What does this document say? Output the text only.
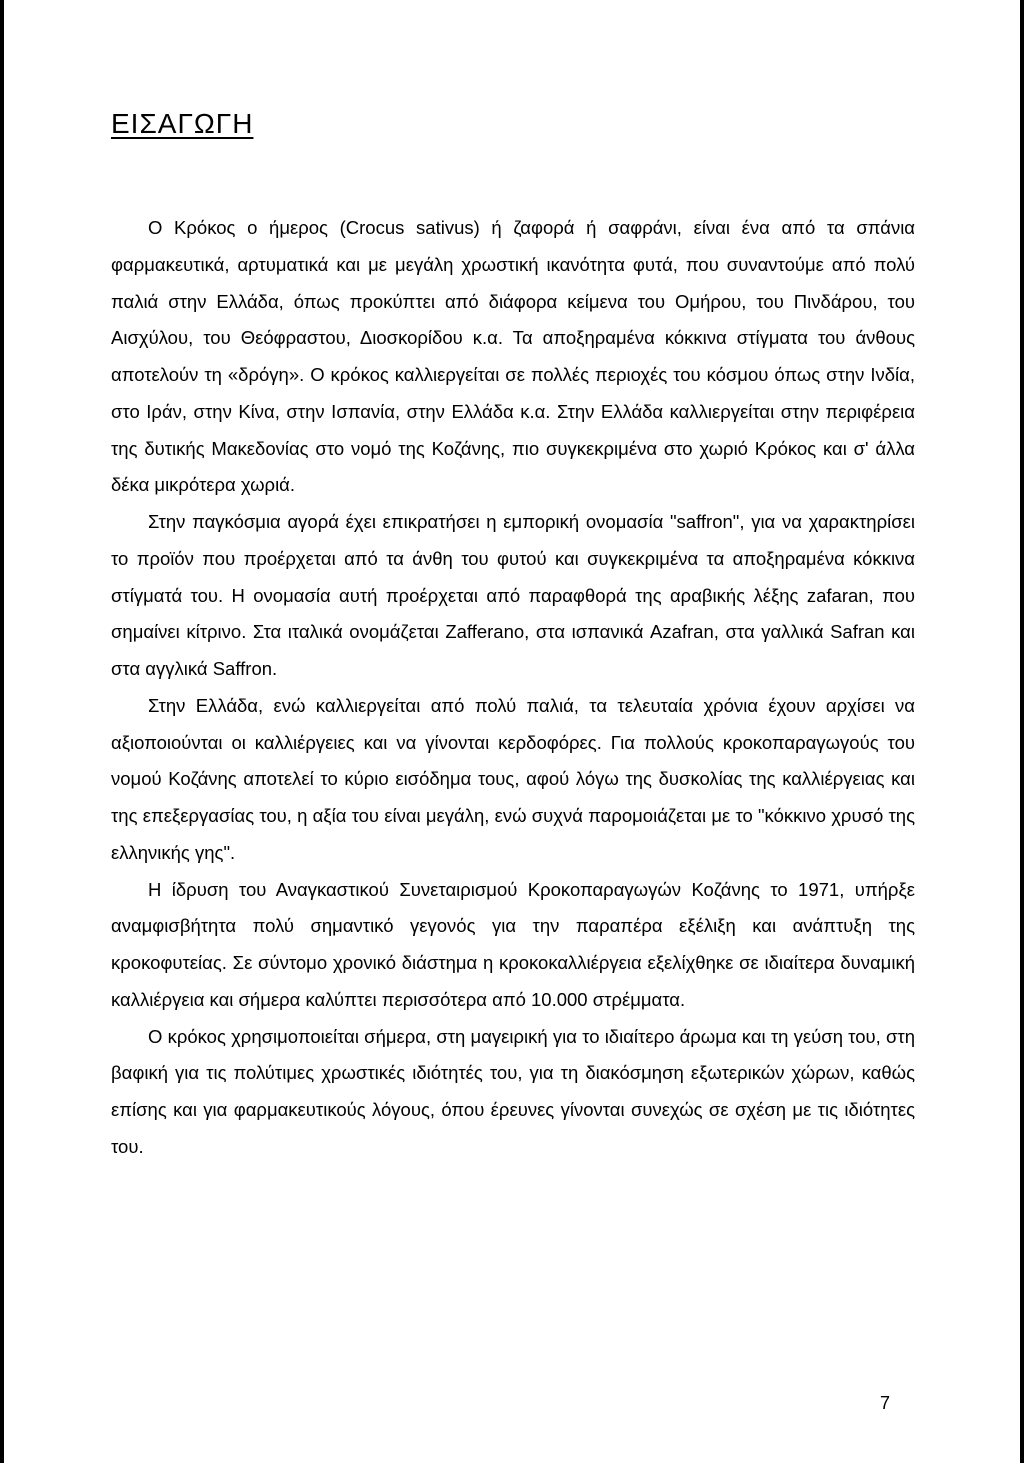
ΕΙΣΑΓΩΓΗ

Ο Κρόκος ο ήμερος (Crocus sativus) ή ζαφορά ή σαφράνι, είναι ένα από τα σπάνια φαρμακευτικά, αρτυματικά και με μεγάλη χρωστική ικανότητα φυτά, που συναντούμε από πολύ παλιά στην Ελλάδα, όπως προκύπτει από διάφορα κείμενα του Ομήρου, του Πινδάρου, του Αισχύλου, του Θεόφραστου, Διοσκορίδου κ.α. Τα αποξηραμένα κόκκινα στίγματα του άνθους αποτελούν τη «δρόγη». Ο κρόκος καλλιεργείται σε πολλές περιοχές του κόσμου όπως στην Ινδία, στο Ιράν, στην Κίνα, στην Ισπανία, στην Ελλάδα κ.α. Στην Ελλάδα καλλιεργείται στην περιφέρεια της δυτικής Μακεδονίας στο νομό της Κοζάνης, πιο συγκεκριμένα στο χωριό Κρόκος και σ' άλλα δέκα μικρότερα χωριά.

Στην παγκόσμια αγορά έχει επικρατήσει η εμπορική ονομασία "saffron", για να χαρακτηρίσει το προϊόν που προέρχεται από τα άνθη του φυτού και συγκεκριμένα τα αποξηραμένα κόκκινα στίγματά του. Η ονομασία αυτή προέρχεται από παραφθορά της αραβικής λέξης zafaran, που σημαίνει κίτρινο. Στα ιταλικά ονομάζεται Zafferano, στα ισπανικά Azafran, στα γαλλικά Safran και στα αγγλικά Saffron.

Στην Ελλάδα, ενώ καλλιεργείται από πολύ παλιά, τα τελευταία χρόνια έχουν αρχίσει να αξιοποιούνται οι καλλιέργειες και να γίνονται κερδοφόρες. Για πολλούς κροκοπαραγωγούς του νομού Κοζάνης αποτελεί το κύριο εισόδημα τους, αφού λόγω της δυσκολίας της καλλιέργειας και της επεξεργασίας του, η αξία του είναι μεγάλη, ενώ συχνά παρομοιάζεται με το "κόκκινο χρυσό της ελληνικής γης".

Η ίδρυση του Αναγκαστικού Συνεταιρισμού Κροκοπαραγωγών Κοζάνης το 1971, υπήρξε αναμφισβήτητα πολύ σημαντικό γεγονός για την παραπέρα εξέλιξη και ανάπτυξη της κροκοφυτείας. Σε σύντομο χρονικό διάστημα η κροκοκαλλιέργεια εξελίχθηκε σε ιδιαίτερα δυναμική καλλιέργεια και σήμερα καλύπτει περισσότερα από 10.000 στρέμματα.

Ο κρόκος χρησιμοποιείται σήμερα, στη μαγειρική για το ιδιαίτερο άρωμα και τη γεύση του, στη βαφική για τις πολύτιμες χρωστικές ιδιότητές του, για τη διακόσμηση εξωτερικών χώρων, καθώς επίσης και για φαρμακευτικούς λόγους, όπου έρευνες γίνονται συνεχώς σε σχέση με τις ιδιότητες του.

7
